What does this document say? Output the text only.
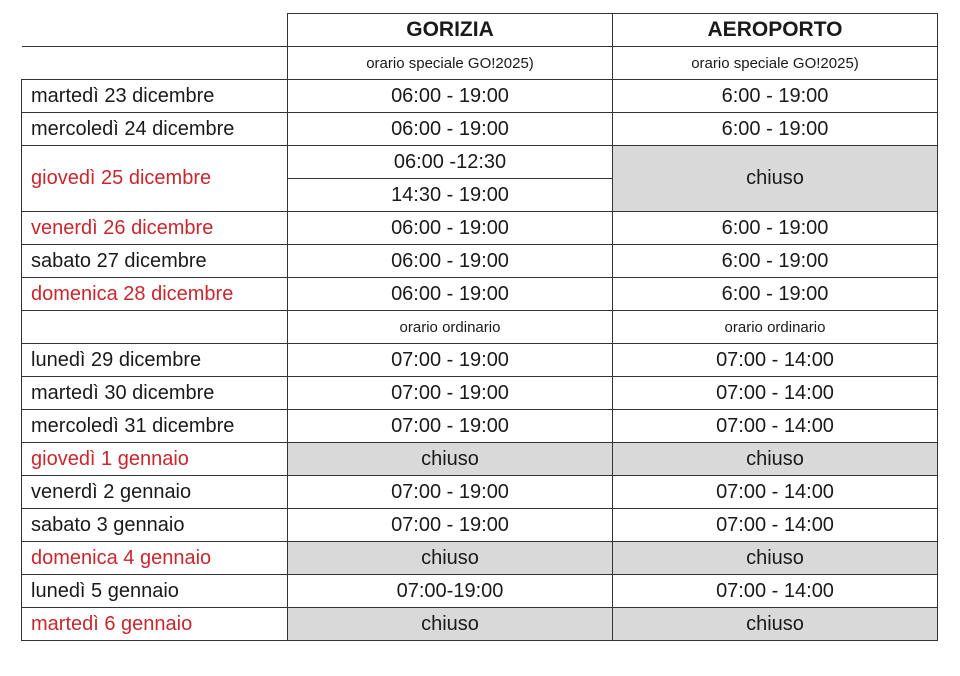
	GORIZIA	AEROPORTO
	orario speciale GO!2025)	orario speciale GO!2025)
martedì 23 dicembre	06:00 - 19:00	6:00 - 19:00
mercoledì 24 dicembre	06:00 - 19:00	6:00 - 19:00
giovedì 25 dicembre	06:00 -12:30	chiuso
	14:30 - 19:00	
venerdì 26 dicembre	06:00 - 19:00	6:00 - 19:00
sabato 27 dicembre	06:00 - 19:00	6:00 - 19:00
domenica 28 dicembre	06:00 - 19:00	6:00 - 19:00
	orario ordinario	orario ordinario
lunedì 29 dicembre	07:00 - 19:00	07:00 - 14:00
martedì 30 dicembre	07:00 - 19:00	07:00 - 14:00
mercoledì 31 dicembre	07:00 - 19:00	07:00 - 14:00
giovedì 1 gennaio	chiuso	chiuso
venerdì 2 gennaio	07:00 - 19:00	07:00 - 14:00
sabato 3 gennaio	07:00 - 19:00	07:00 - 14:00
domenica 4 gennaio	chiuso	chiuso
lunedì 5 gennaio	07:00-19:00	07:00 - 14:00
martedì 6 gennaio	chiuso	chiuso
